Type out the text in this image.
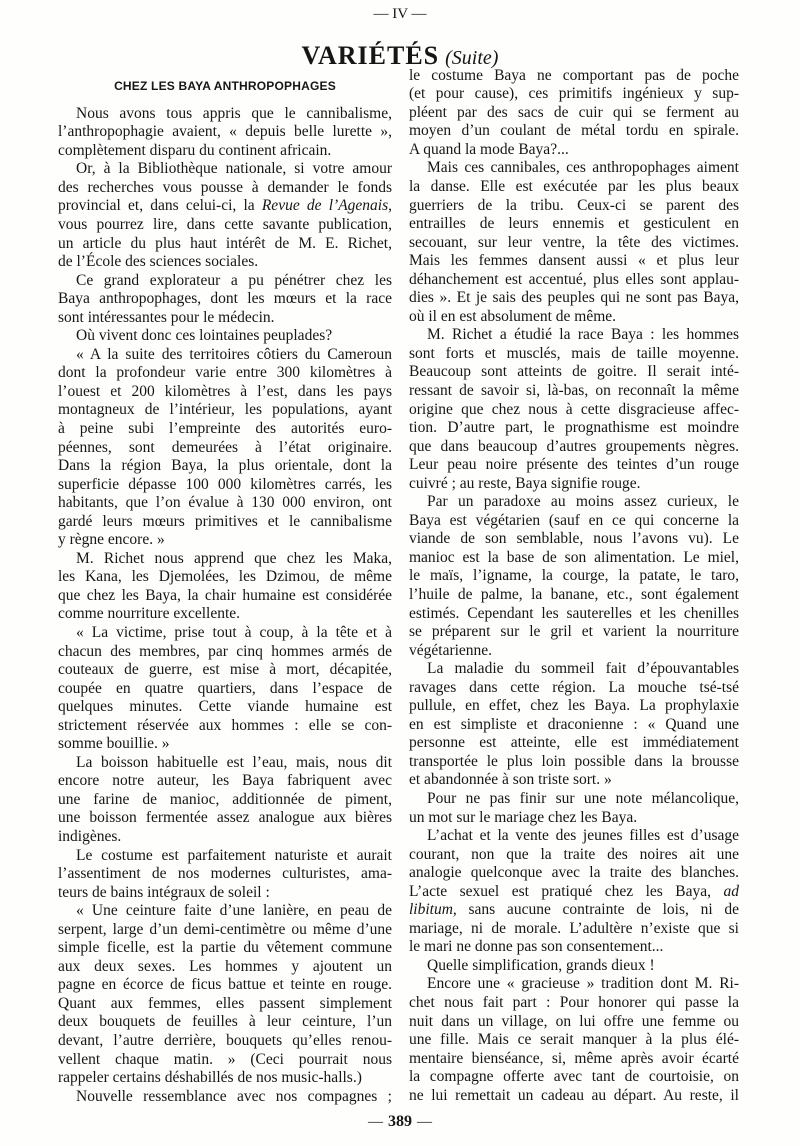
— IV —
VARIÉTÉS (Suite)
CHEZ LES BAYA ANTHROPOPHAGES
Nous avons tous appris que le cannibalisme,
l’anthropophagie avaient, « depuis belle lurette »,
complètement disparu du continent africain.
Or, à la Bibliothèque nationale, si votre amour
des recherches vous pousse à demander le fonds
provincial et, dans celui-ci, la Revue de l’Agenais,
vous pourrez lire, dans cette savante publication,
un article du plus haut intérêt de M. E. Richet,
de l’École des sciences sociales.
Ce grand explorateur a pu pénétrer chez les
Baya anthropophages, dont les mœurs et la race
sont intéressantes pour le médecin.
Où vivent donc ces lointaines peuplades?
« A la suite des territoires côtiers du Cameroun
dont la profondeur varie entre 300 kilomètres à
l’ouest et 200 kilomètres à l’est, dans les pays
montagneux de l’intérieur, les populations, ayant
à peine subi l’empreinte des autorités euro-
péennes, sont demeurées à l’état originaire.
Dans la région Baya, la plus orientale, dont la
superficie dépasse 100 000 kilomètres carrés, les
habitants, que l’on évalue à 130 000 environ, ont
gardé leurs mœurs primitives et le cannibalisme
y règne encore. »
M. Richet nous apprend que chez les Maka,
les Kana, les Djemolées, les Dzimou, de même
que chez les Baya, la chair humaine est considérée
comme nourriture excellente.
« La victime, prise tout à coup, à la tête et à
chacun des membres, par cinq hommes armés de
couteaux de guerre, est mise à mort, décapitée,
coupée en quatre quartiers, dans l’espace de
quelques minutes. Cette viande humaine est
strictement réservée aux hommes : elle se con-
somme bouillie. »
La boisson habituelle est l’eau, mais, nous dit
encore notre auteur, les Baya fabriquent avec
une farine de manioc, additionnée de piment,
une boisson fermentée assez analogue aux bières
indigènes.
Le costume est parfaitement naturiste et aurait
l’assentiment de nos modernes culturistes, ama-
teurs de bains intégraux de soleil :
« Une ceinture faite d’une lanière, en peau de
serpent, large d’un demi-centimètre ou même d’une
simple ficelle, est la partie du vêtement commune
aux deux sexes. Les hommes y ajoutent un
pagne en écorce de ficus battue et teinte en rouge.
Quant aux femmes, elles passent simplement
deux bouquets de feuilles à leur ceinture, l’un
devant, l’autre derrière, bouquets qu’elles renou-
vellent chaque matin. » (Ceci pourrait nous
rappeler certains déshabillés de nos music-halls.)
Nouvelle ressemblance avec nos compagnes ;
le costume Baya ne comportant pas de poche
(et pour cause), ces primitifs ingénieux y sup-
pléent par des sacs de cuir qui se ferment au
moyen d’un coulant de métal tordu en spirale.
A quand la mode Baya?...
Mais ces cannibales, ces anthropophages aiment
la danse. Elle est exécutée par les plus beaux
guerriers de la tribu. Ceux-ci se parent des
entrailles de leurs ennemis et gesticulent en
secouant, sur leur ventre, la tête des victimes.
Mais les femmes dansent aussi « et plus leur
déhanchement est accentué, plus elles sont applau-
dies ». Et je sais des peuples qui ne sont pas Baya,
où il en est absolument de même.
M. Richet a étudié la race Baya : les hommes
sont forts et musclés, mais de taille moyenne.
Beaucoup sont atteints de goitre. Il serait inté-
ressant de savoir si, là-bas, on reconnaît la même
origine que chez nous à cette disgracieuse affec-
tion. D’autre part, le prognathisme est moindre
que dans beaucoup d’autres groupements nègres.
Leur peau noire présente des teintes d’un rouge
cuivré ; au reste, Baya signifie rouge.
Par un paradoxe au moins assez curieux, le
Baya est végétarien (sauf en ce qui concerne la
viande de son semblable, nous l’avons vu). Le
manioc est la base de son alimentation. Le miel,
le maïs, l’igname, la courge, la patate, le taro,
l’huile de palme, la banane, etc., sont également
estimés. Cependant les sauterelles et les chenilles
se préparent sur le gril et varient la nourriture
végétarienne.
La maladie du sommeil fait d’épouvantables
ravages dans cette région. La mouche tsé-tsé
pullule, en effet, chez les Baya. La prophylaxie
en est simpliste et draconienne : « Quand une
personne est atteinte, elle est immédiatement
transportée le plus loin possible dans la brousse
et abandonnée à son triste sort. »
Pour ne pas finir sur une note mélancolique,
un mot sur le mariage chez les Baya.
L’achat et la vente des jeunes filles est d’usage
courant, non que la traite des noires ait une
analogie quelconque avec la traite des blanches.
L’acte sexuel est pratiqué chez les Baya, ad
libitum, sans aucune contrainte de lois, ni de
mariage, ni de morale. L’adultère n’existe que si
le mari ne donne pas son consentement...
Quelle simplification, grands dieux !
Encore une « gracieuse » tradition dont M. Ri-
chet nous fait part : Pour honorer qui passe la
nuit dans un village, on lui offre une femme ou
une fille. Mais ce serait manquer à la plus élé-
mentaire bienséance, si, même après avoir écarté
la compagne offerte avec tant de courtoisie, on
ne lui remettait un cadeau au départ. Au reste, il
— 389 —
